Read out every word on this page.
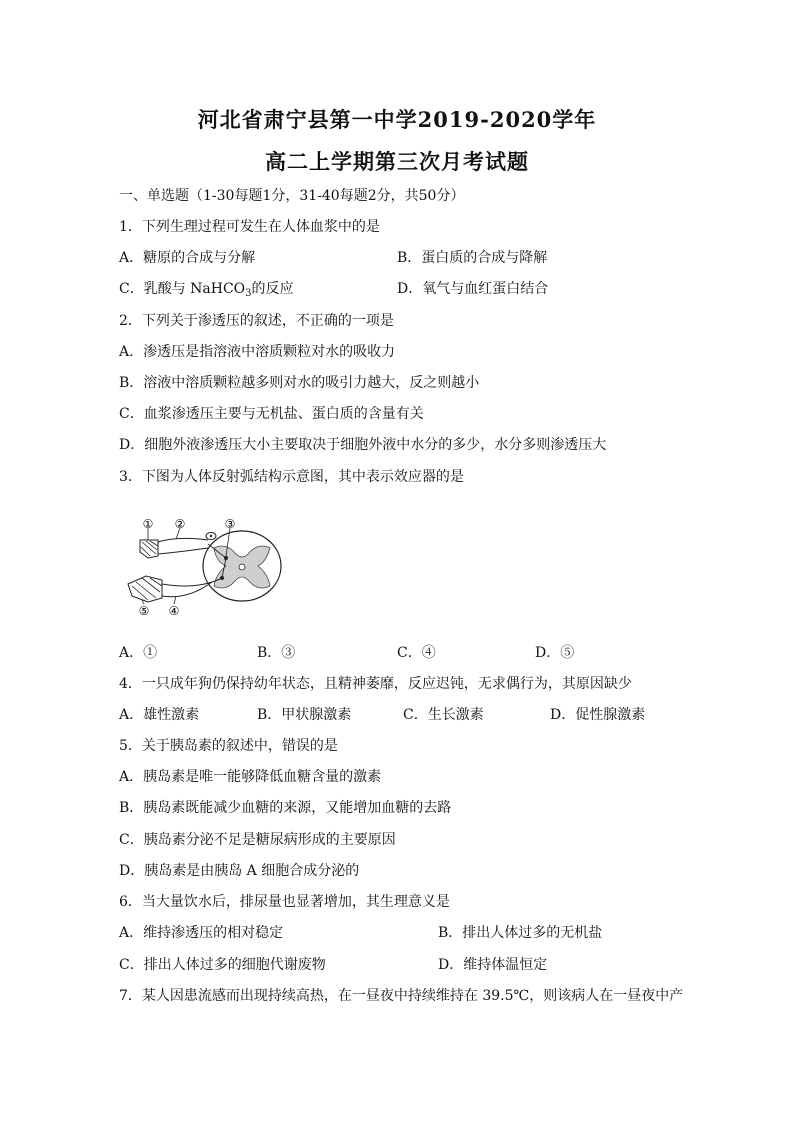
河北省肃宁县第一中学2019-2020学年
高二上学期第三次月考试题
一、单选题（1-30每题1分，31-40每题2分，共50分）
1．下列生理过程可发生在人体血浆中的是
A．糖原的合成与分解	B．蛋白质的合成与降解
C．乳酸与 NaHCO$_3$的反应	D．氧气与血红蛋白结合
2．下列关于渗透压的叙述，不正确的一项是
A．渗透压是指溶液中溶质颗粒对水的吸收力
B．溶液中溶质颗粒越多则对水的吸引力越大，反之则越小
C．血浆渗透压主要与无机盐、蛋白质的含量有关
D．细胞外液渗透压大小主要取决于细胞外液中水分的多少，水分多则渗透压大
3．下图为人体反射弧结构示意图，其中表示效应器的是
① ②	③
④
⑤
A．①	B．③	C．④	D．⑤
4．一只成年狗仍保持幼年状态，且精神萎靡，反应迟钝，无求偶行为，其原因缺少
A．雄性激素	B．甲状腺激素	C．生长激素	D．促性腺激素
5．关于胰岛素的叙述中，错误的是
A．胰岛素是唯一能够降低血糖含量的激素
B．胰岛素既能减少血糖的来源，又能增加血糖的去路
C．胰岛素分泌不足是糖尿病形成的主要原因
D．胰岛素是由胰岛 A 细胞合成分泌的
6．当大量饮水后，排尿量也显著增加，其生理意义是
A．维持渗透压的相对稳定	B．排出人体过多的无机盐
C．排出人体过多的细胞代谢废物	D．维持体温恒定
7．某人因患流感而出现持续高热，在一昼夜中持续维持在 39.5℃，则该病人在一昼夜中产
